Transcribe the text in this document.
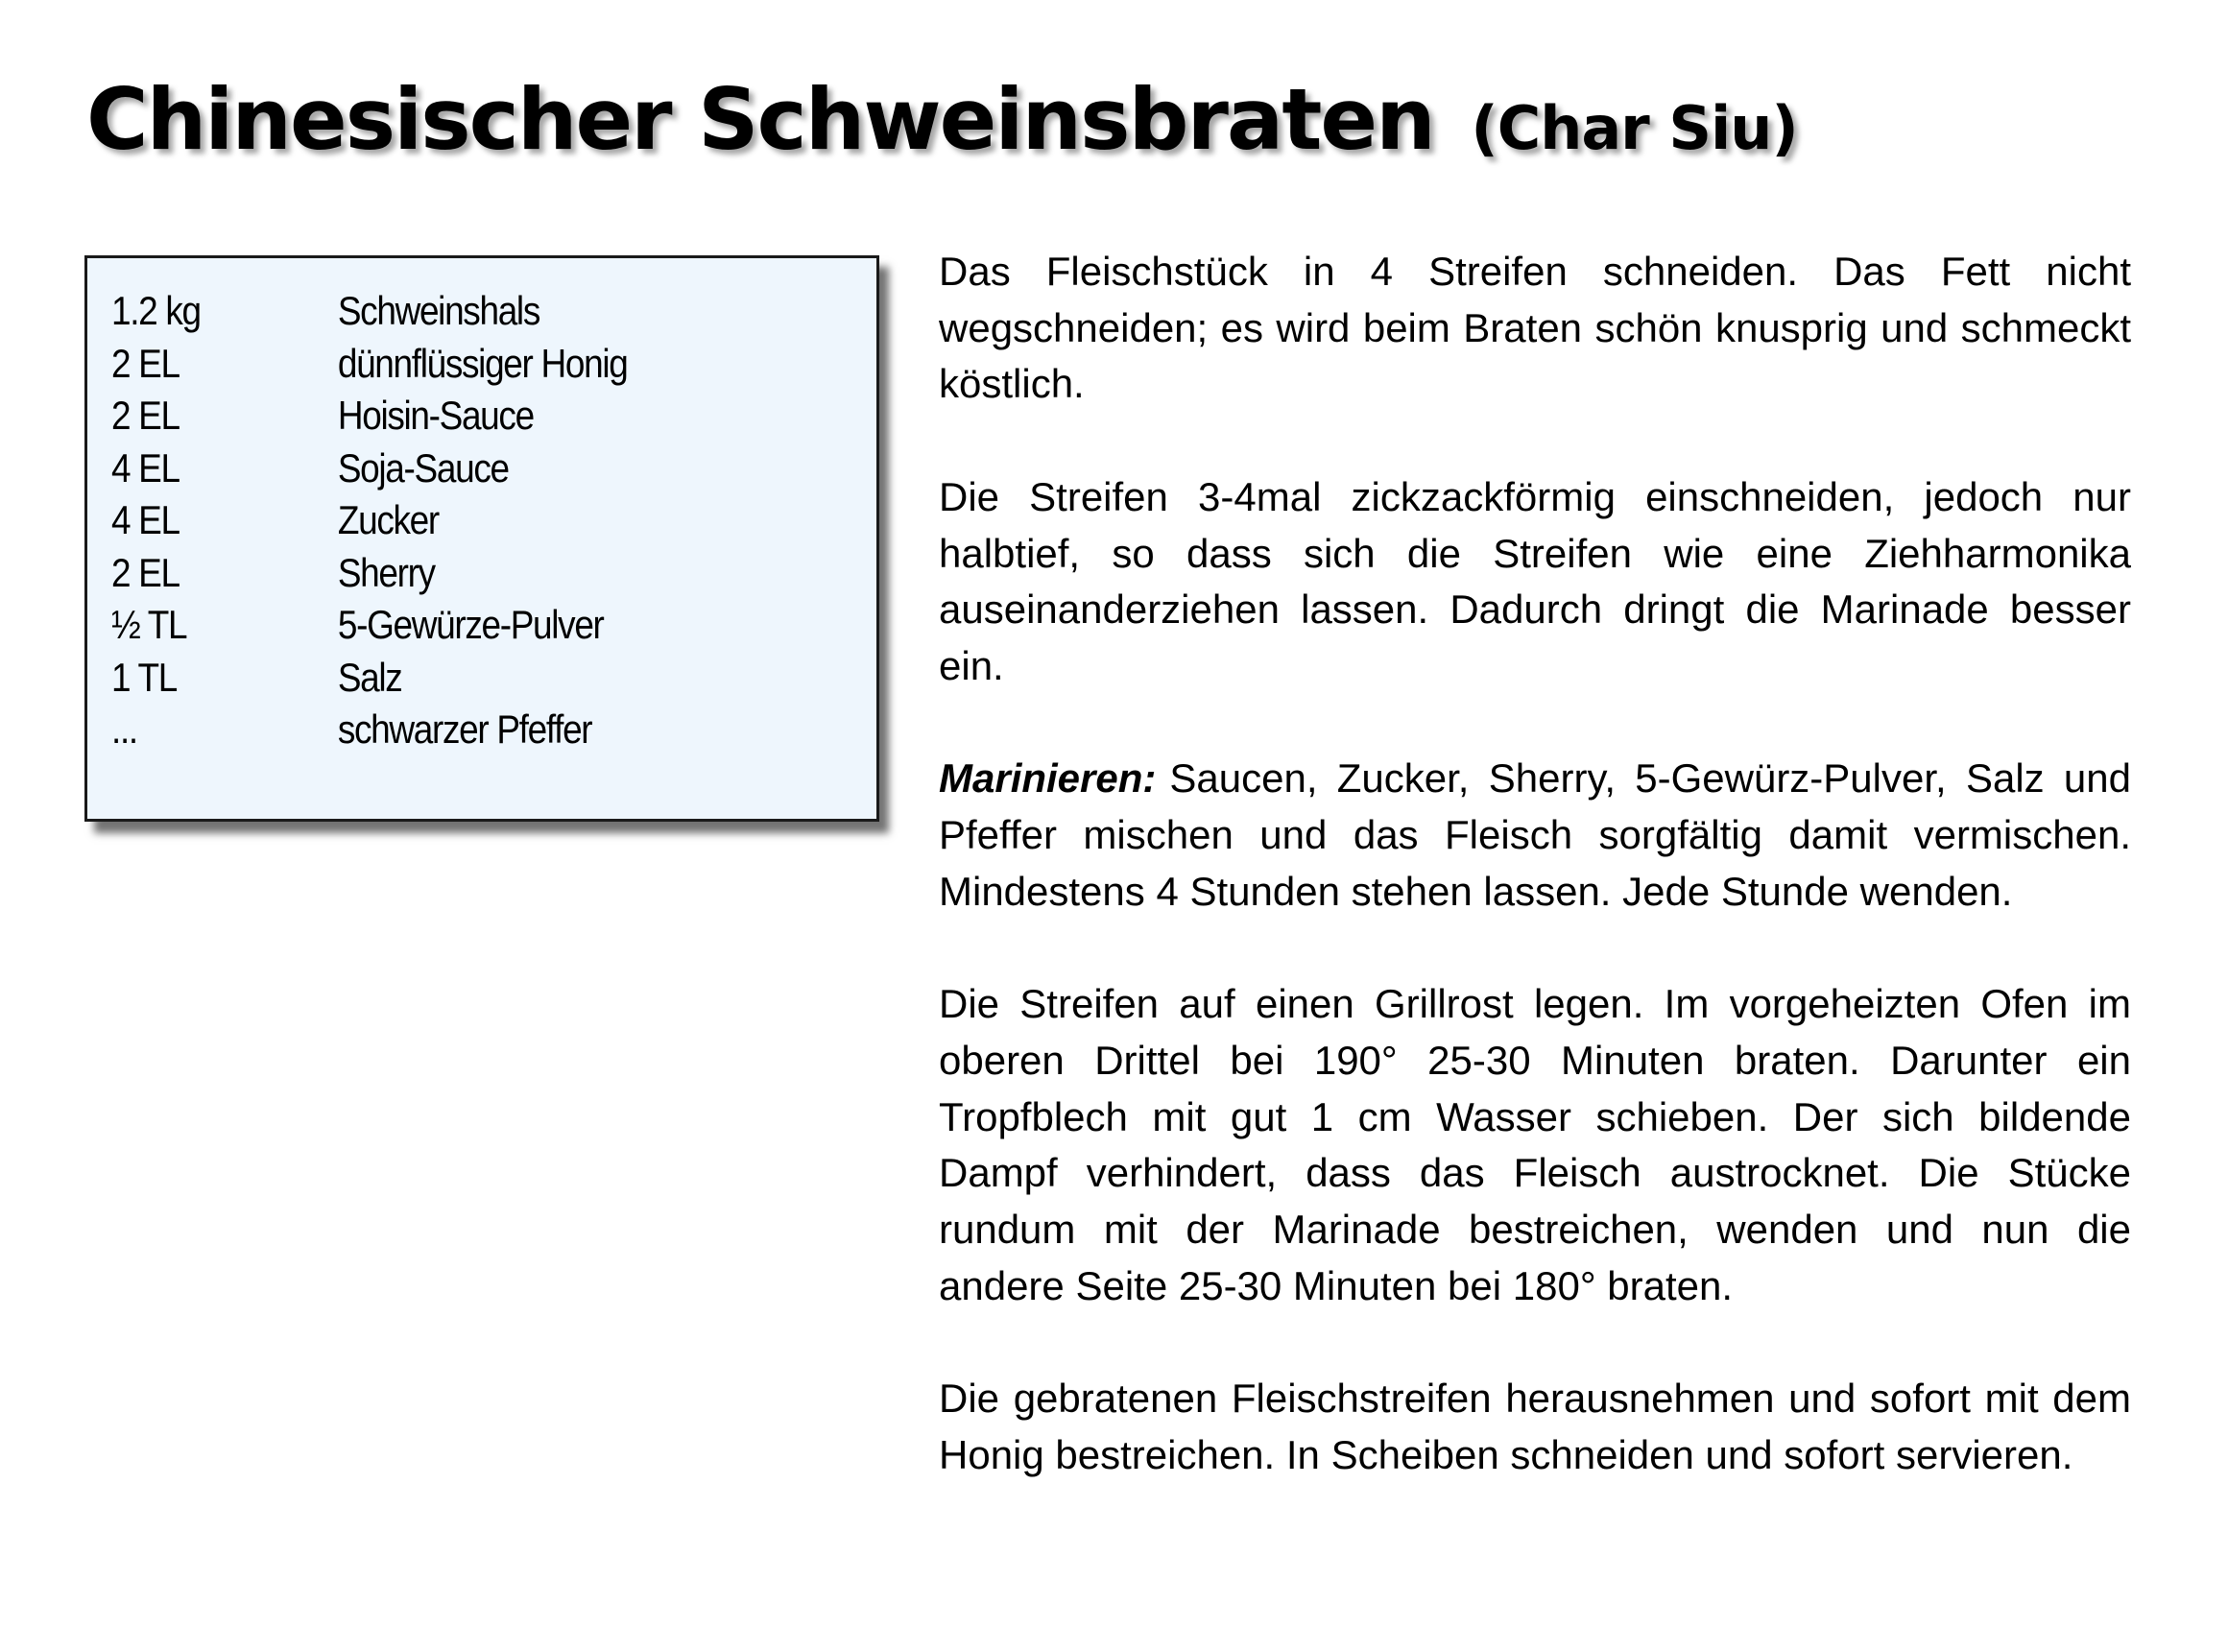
Chinesischer Schweinsbraten (Char Siu)
1.2 kg	Schweinshals
2 EL	dünnflüssiger Honig
2 EL	Hoisin-Sauce
4 EL	Soja-Sauce
4 EL	Zucker
2 EL	Sherry
½ TL	5-Gewürze-Pulver
1 TL	Salz
...	schwarzer Pfeffer

Das Fleischstück in 4 Streifen schneiden. Das Fett nicht wegschneiden; es wird beim Braten schön knusprig und schmeckt köstlich.

Die Streifen 3-4mal zickzackförmig einschneiden, jedoch nur halbtief, so dass sich die Streifen wie eine Ziehharmonika auseinanderziehen lassen. Dadurch dringt die Marinade besser ein.

Marinieren: Saucen, Zucker, Sherry, 5-Gewürz-Pulver, Salz und Pfeffer mischen und das Fleisch sorgfältig damit vermischen. Mindestens 4 Stunden stehen lassen. Jede Stunde wenden.

Die Streifen auf einen Grillrost legen. Im vorgeheizten Ofen im oberen Drittel bei 190° 25-30 Minuten braten. Darunter ein Tropfblech mit gut 1 cm Wasser schieben. Der sich bildende Dampf verhindert, dass das Fleisch austrocknet. Die Stücke rundum mit der Marinade bestreichen, wenden und nun die andere Seite 25-30 Minuten bei 180° braten.

Die gebratenen Fleischstreifen herausnehmen und sofort mit dem Honig bestreichen. In Scheiben schneiden und sofort servieren.
